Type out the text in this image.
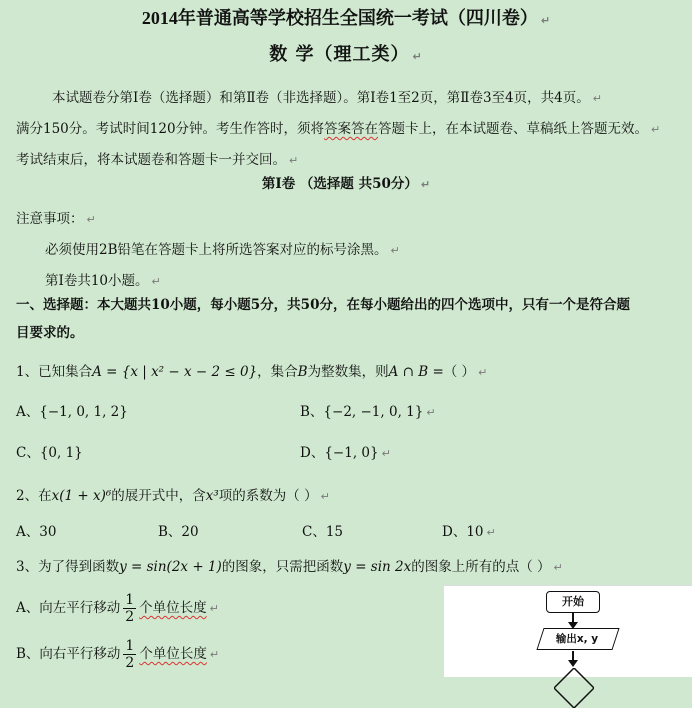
2014年普通高等学校招生全国统一考试（四川卷） ↵
数 学（理工类） ↵
本试题卷分第Ⅰ卷（选择题）和第Ⅱ卷（非选择题）。第Ⅰ卷1至2页，第Ⅱ卷3至4页，共4页。 ↵
满分150分。考试时间120分钟。考生作答时，须将答案答在答题卡上，在本试题卷、草稿纸上答题无效。 ↵
考试结束后，将本试题卷和答题卡一并交回。 ↵
第Ⅰ卷 （选择题 共50分） ↵
注意事项： ↵
必须使用2B铅笔在答题卡上将所选答案对应的标号涂黑。 ↵
第Ⅰ卷共10小题。 ↵
一、选择题：本大题共10小题，每小题5分，共50分，在每小题给出的四个选项中，只有一个是符合题
目要求的。
1、已知集合A = {x | x² − x − 2 ≤ 0}，集合B为整数集，则A ∩ B =（ ） ↵
A、{−1, 0, 1, 2}	B、{−2, −1, 0, 1} ↵
C、{0, 1}	D、{−1, 0} ↵
2、在x(1 + x)⁶的展开式中，含x³项的系数为（ ） ↵
A、30	B、20	C、15	D、10 ↵
3、为了得到函数y = sin(2x + 1)的图象，只需把函数y = sin 2x的图象上所有的点（ ） ↵
A、向左平行移动 $\frac{1}{2}$ 个单位长度 ↵
B、向右平行移动 $\frac{1}{2}$ 个单位长度 ↵
开始
输出x, y
